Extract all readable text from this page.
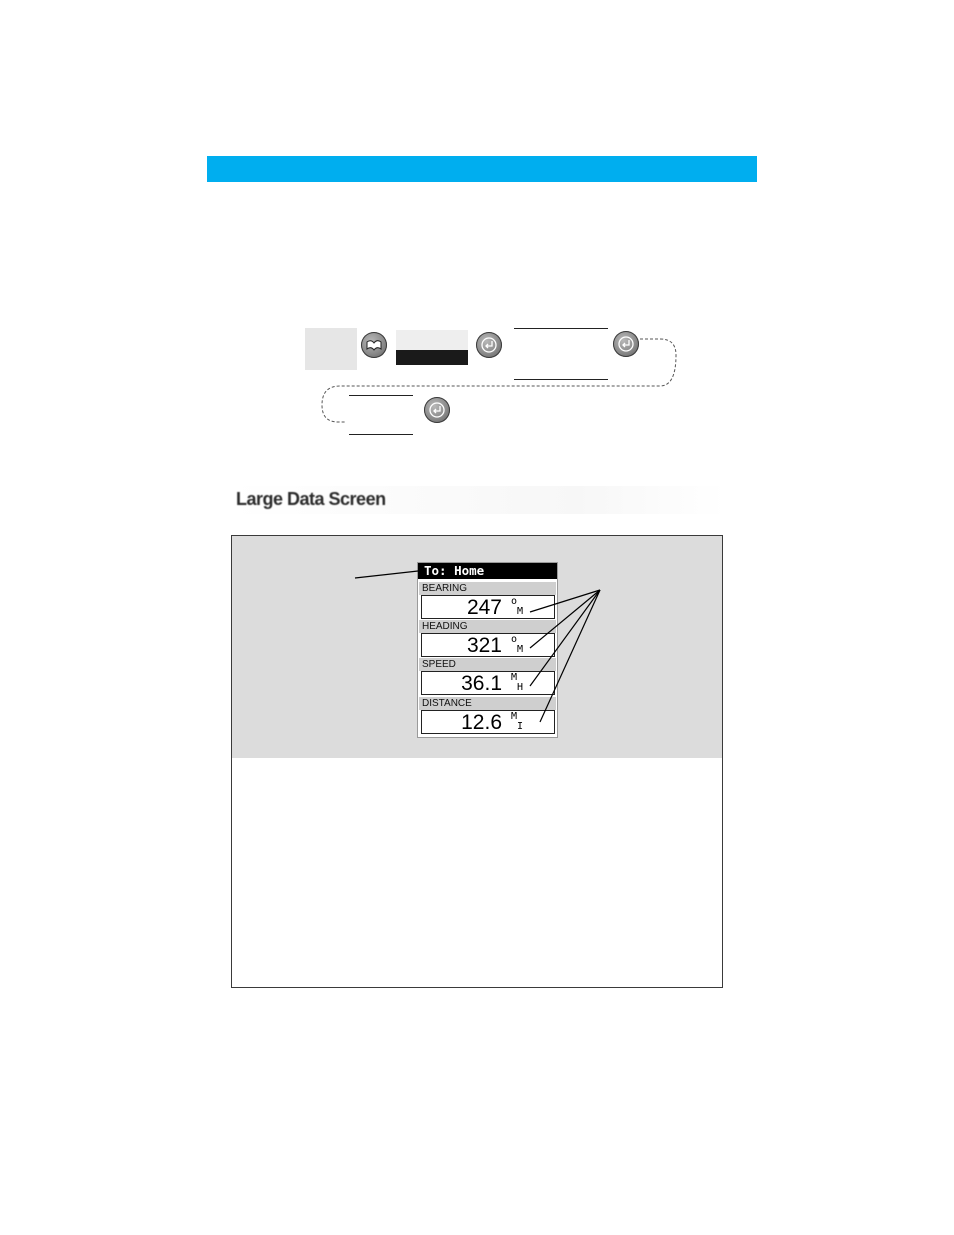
Large Data Screen
To: Home
BEARING
247 o
M
HEADING
321 o
M
SPEED
36.1 M
H
DISTANCE
12.6 M
I
